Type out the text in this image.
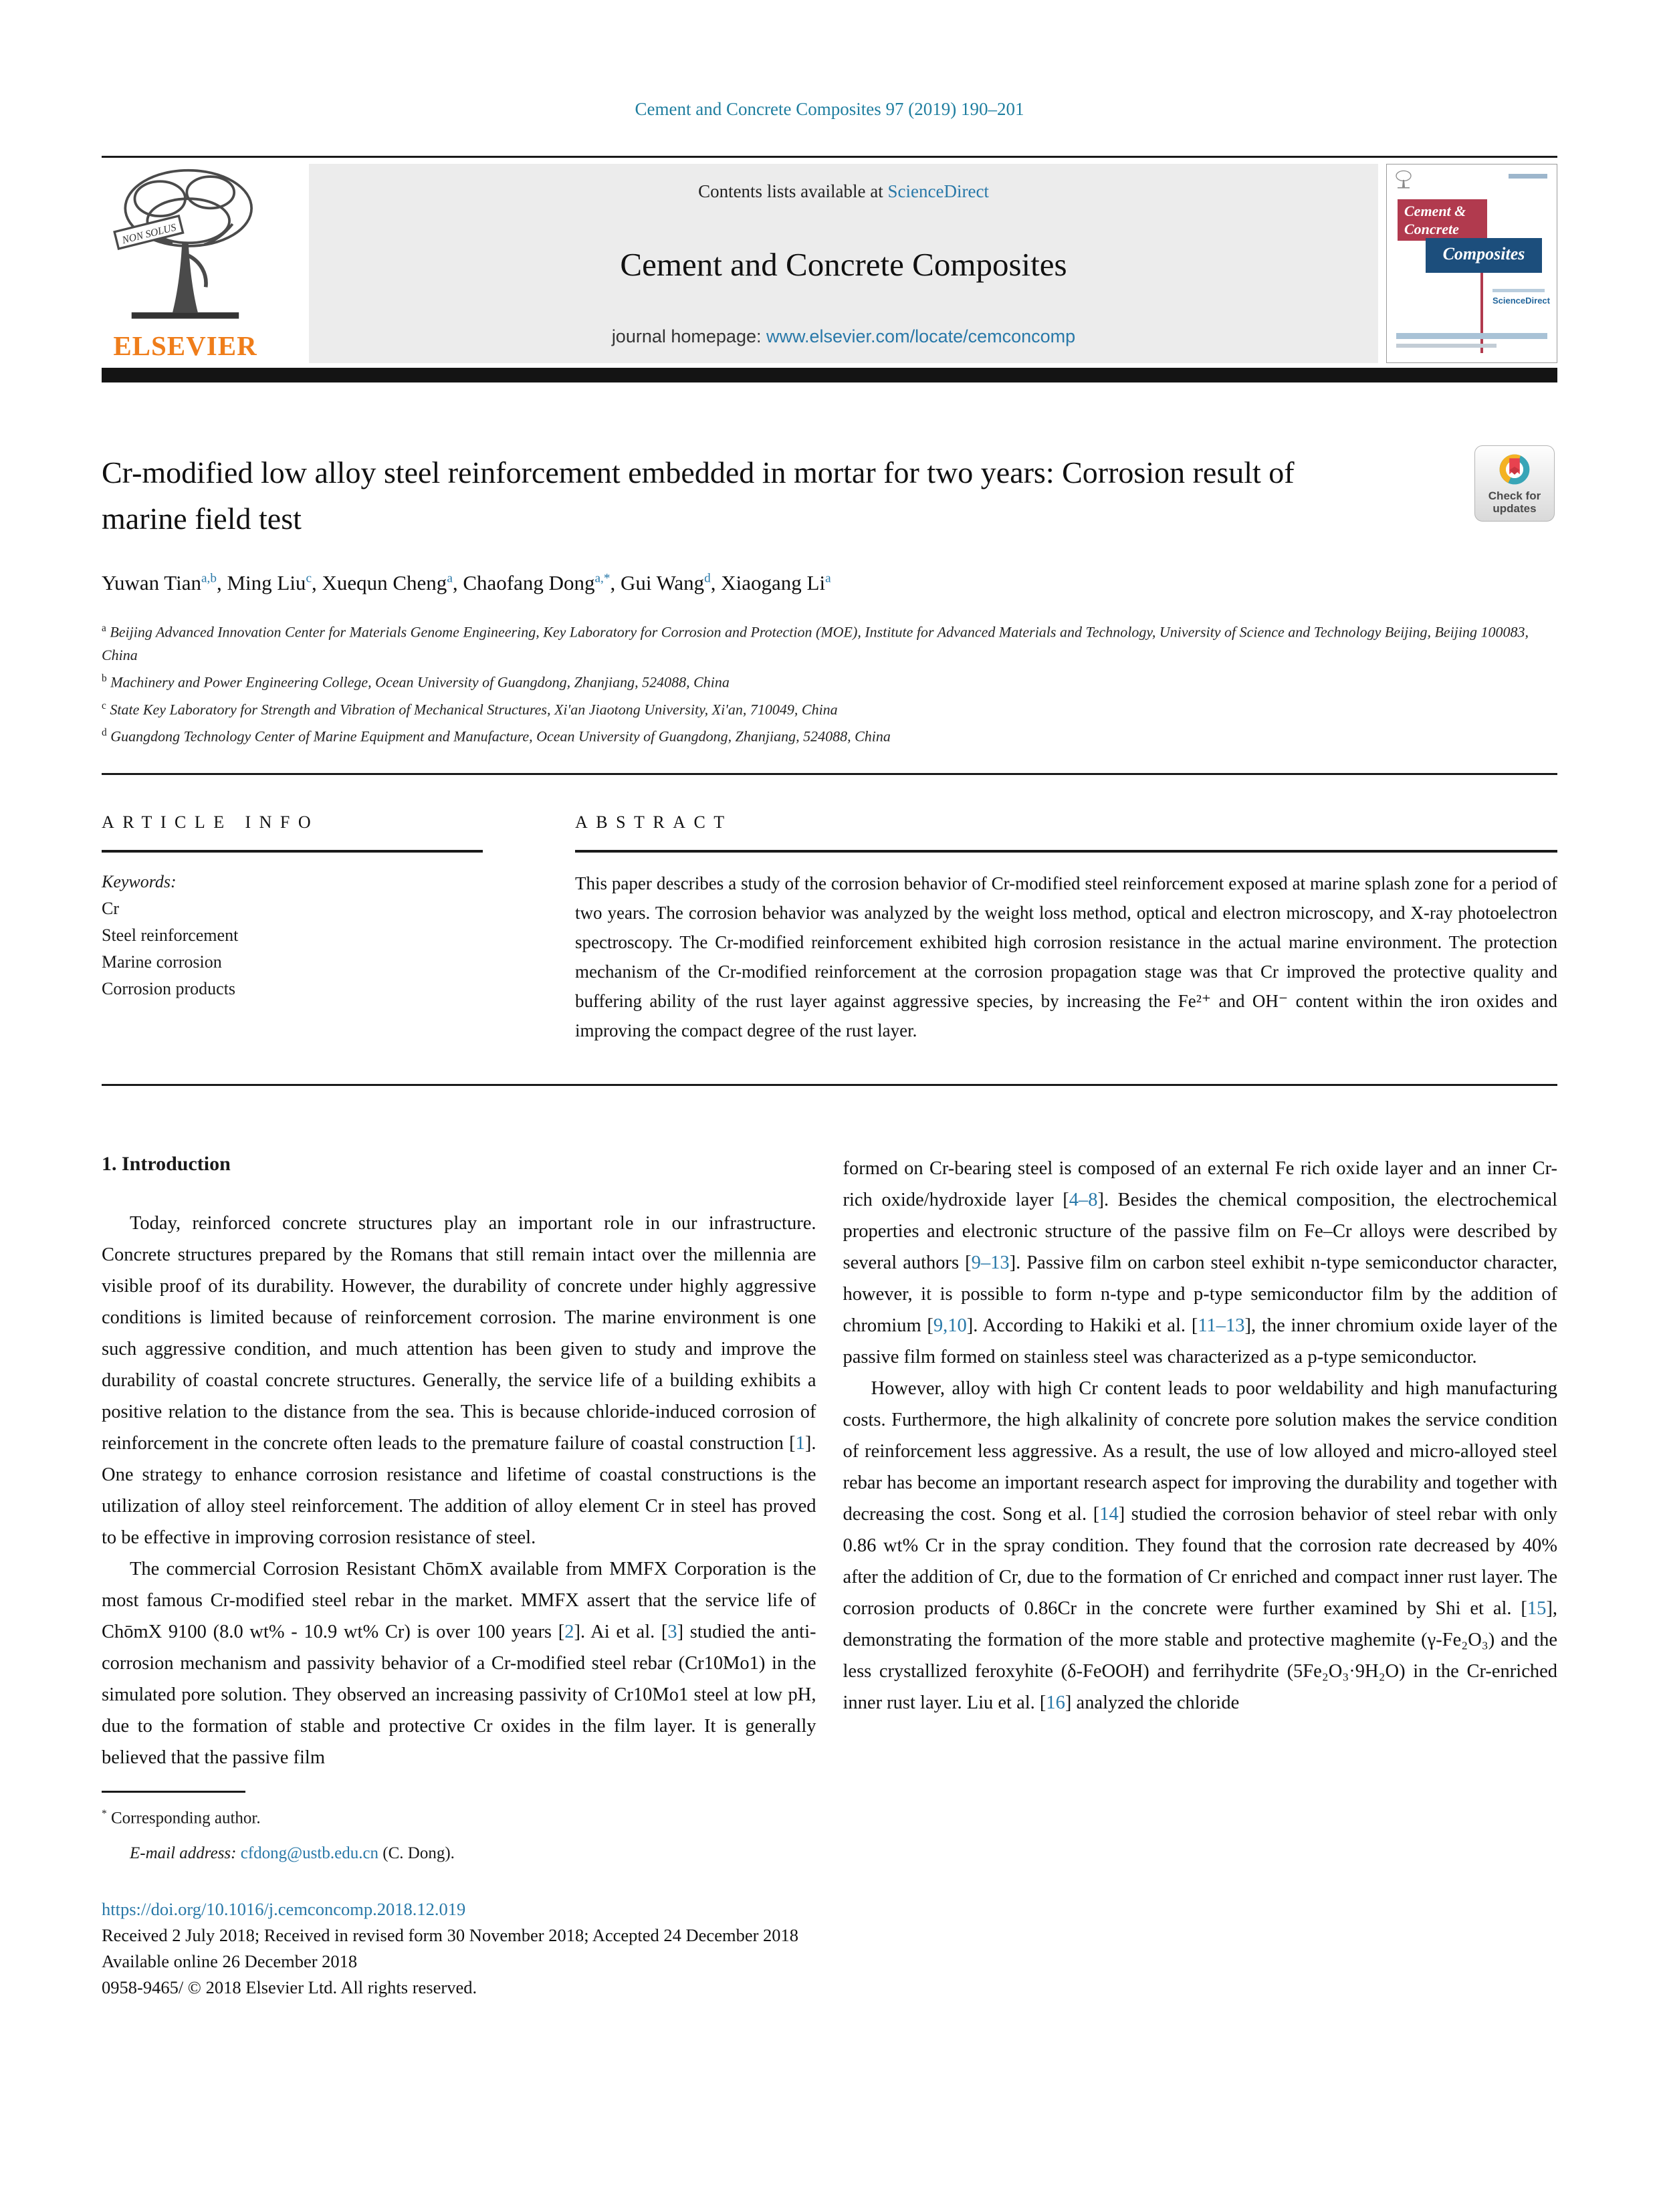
Cement and Concrete Composites 97 (2019) 190–201
NON SOLUS
ELSEVIER
Contents lists available at ScienceDirect
Cement and Concrete Composites
journal homepage: www.elsevier.com/locate/cemconcomp
Cement &
Concrete
Composites
ScienceDirect
Cr-modified low alloy steel reinforcement embedded in mortar for two years: Corrosion result of marine field test
Check for
updates
Yuwan Tian$^{a,b}$, Ming Liu$^c$, Xuequn Cheng$^a$, Chaofang Dong$^{a,*}$, Gui Wang$^d$, Xiaogang Li$^a$
$^a$ Beijing Advanced Innovation Center for Materials Genome Engineering, Key Laboratory for Corrosion and Protection (MOE), Institute for Advanced Materials and Technology, University of Science and Technology Beijing, Beijing 100083, China
$^b$ Machinery and Power Engineering College, Ocean University of Guangdong, Zhanjiang, 524088, China
$^c$ State Key Laboratory for Strength and Vibration of Mechanical Structures, Xi'an Jiaotong University, Xi'an, 710049, China
$^d$ Guangdong Technology Center of Marine Equipment and Manufacture, Ocean University of Guangdong, Zhanjiang, 524088, China
ARTICLE INFO
Keywords:
Cr
Steel reinforcement
Marine corrosion
Corrosion products
ABSTRACT
This paper describes a study of the corrosion behavior of Cr-modified steel reinforcement exposed at marine splash zone for a period of two years. The corrosion behavior was analyzed by the weight loss method, optical and electron microscopy, and X-ray photoelectron spectroscopy. The Cr-modified reinforcement exhibited high corrosion resistance in the actual marine environment. The protection mechanism of the Cr-modified reinforcement at the corrosion propagation stage was that Cr improved the protective quality and buffering ability of the rust layer against aggressive species, by increasing the Fe²⁺ and OH⁻ content within the iron oxides and improving the compact degree of the rust layer.
1. Introduction

Today, reinforced concrete structures play an important role in our infrastructure. Concrete structures prepared by the Romans that still remain intact over the millennia are visible proof of its durability. However, the durability of concrete under highly aggressive conditions is limited because of reinforcement corrosion. The marine environment is one such aggressive condition, and much attention has been given to study and improve the durability of coastal concrete structures. Generally, the service life of a building exhibits a positive relation to the distance from the sea. This is because chloride-induced corrosion of reinforcement in the concrete often leads to the premature failure of coastal construction [1]. One strategy to enhance corrosion resistance and lifetime of coastal constructions is the utilization of alloy steel reinforcement. The addition of alloy element Cr in steel has proved to be effective in improving corrosion resistance of steel.

The commercial Corrosion Resistant ChōmX available from MMFX Corporation is the most famous Cr-modified steel rebar in the market. MMFX assert that the service life of ChōmX 9100 (8.0 wt% - 10.9 wt% Cr) is over 100 years [2]. Ai et al. [3] studied the anti-corrosion mechanism and passivity behavior of a Cr-modified steel rebar (Cr10Mo1) in the simulated pore solution. They observed an increasing passivity of Cr10Mo1 steel at low pH, due to the formation of stable and protective Cr oxides in the film layer. It is generally believed that the passive film

* Corresponding author.
E-mail address: cfdong@ustb.edu.cn (C. Dong).

formed on Cr-bearing steel is composed of an external Fe rich oxide layer and an inner Cr-rich oxide/hydroxide layer [4–8]. Besides the chemical composition, the electrochemical properties and electronic structure of the passive film on Fe–Cr alloys were described by several authors [9–13]. Passive film on carbon steel exhibit n-type semiconductor character, however, it is possible to form n-type and p-type semiconductor film by the addition of chromium [9,10]. According to Hakiki et al. [11–13], the inner chromium oxide layer of the passive film formed on stainless steel was characterized as a p-type semiconductor.

However, alloy with high Cr content leads to poor weldability and high manufacturing costs. Furthermore, the high alkalinity of concrete pore solution makes the service condition of reinforcement less aggressive. As a result, the use of low alloyed and micro-alloyed steel rebar has become an important research aspect for improving the durability and together with decreasing the cost. Song et al. [14] studied the corrosion behavior of steel rebar with only 0.86 wt% Cr in the spray condition. They found that the corrosion rate decreased by 40% after the addition of Cr, due to the formation of Cr enriched and compact inner rust layer. The corrosion products of 0.86Cr in the concrete were further examined by Shi et al. [15], demonstrating the formation of the more stable and protective maghemite (γ-Fe₂O₃) and the less crystallized feroxyhite (δ-FeOOH) and ferrihydrite (5Fe₂O₃·9H₂O) in the Cr-enriched inner rust layer. Liu et al. [16] analyzed the chloride

https://doi.org/10.1016/j.cemconcomp.2018.12.019
Received 2 July 2018; Received in revised form 30 November 2018; Accepted 24 December 2018
Available online 26 December 2018
0958-9465/ © 2018 Elsevier Ltd. All rights reserved.
